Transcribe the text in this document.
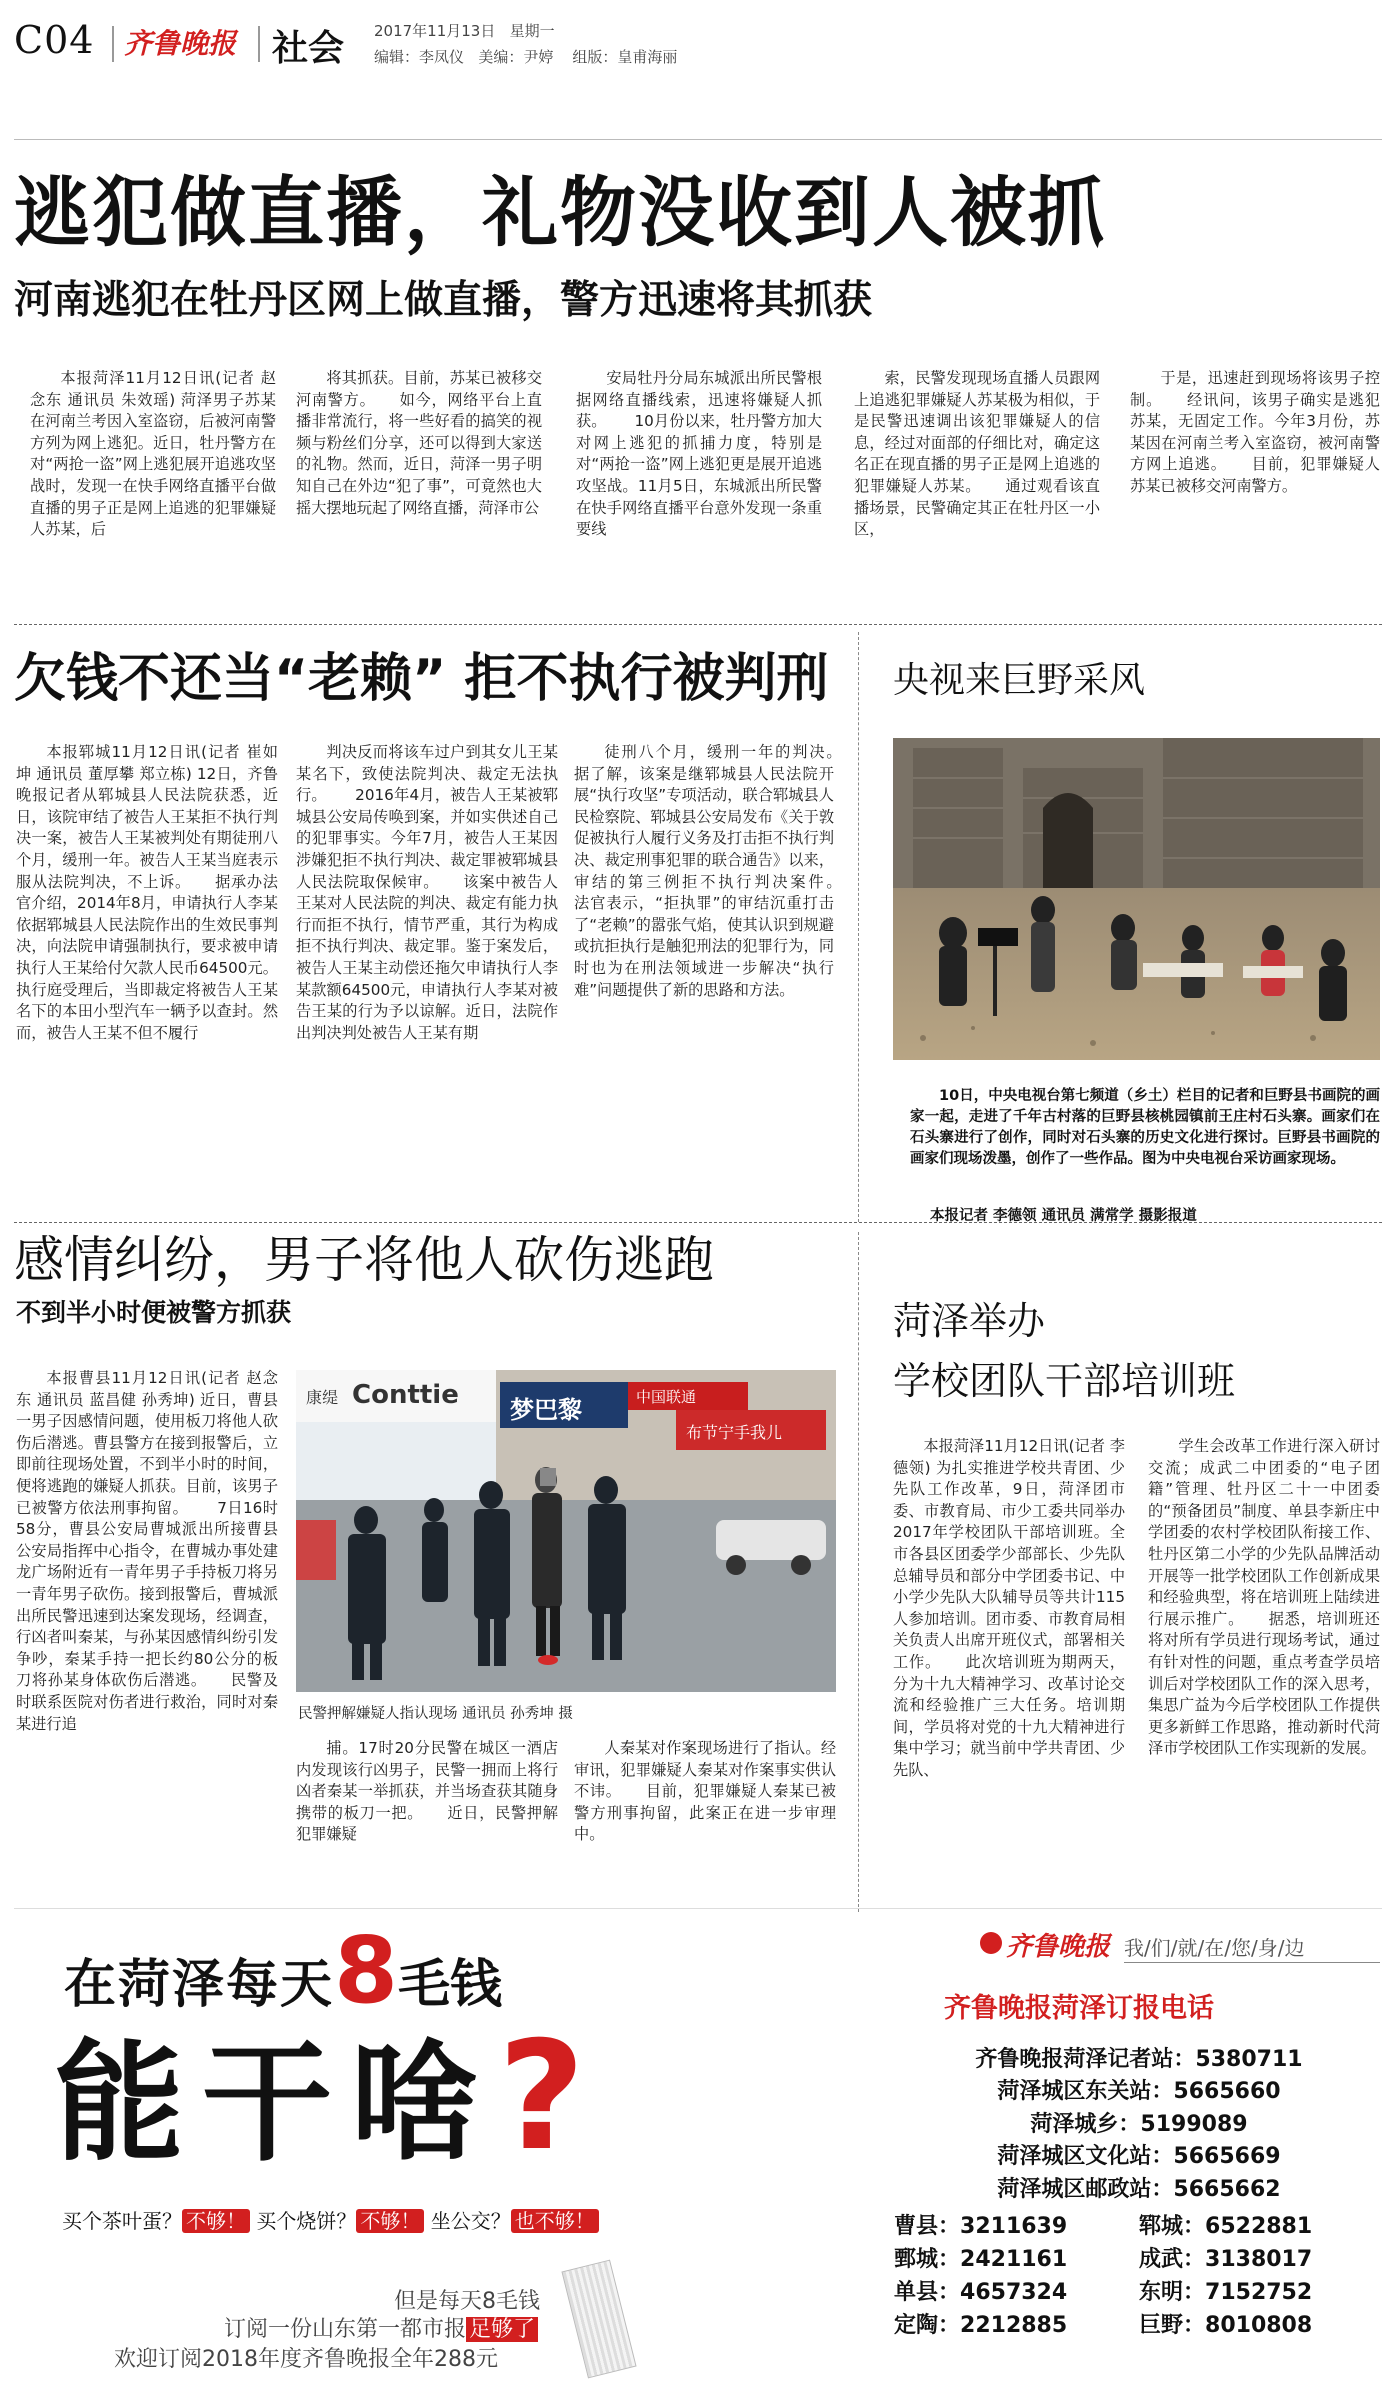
C04 齐鲁晚报 社会 2017年11月13日 星期一
编辑：李凤仪 美编：尹婷 组版：皇甫海丽
逃犯做直播，礼物没收到人被抓
河南逃犯在牡丹区网上做直播，警方迅速将其抓获
本报菏泽11月12日讯(记者 赵念东 通讯员 朱效瑶) 菏泽男子苏某在河南兰考因入室盗窃，后被河南警方列为网上逃犯。近日，牡丹警方在对“两抢一盗”网上逃犯展开追逃攻坚战时，发现一在快手网络直播平台做直播的男子正是网上追逃的犯罪嫌疑人苏某，后
将其抓获。目前，苏某已被移交河南警方。　　如今，网络平台上直播非常流行，将一些好看的搞笑的视频与粉丝们分享，还可以得到大家送的礼物。然而，近日，菏泽一男子明知自己在外边“犯了事”，可竟然也大摇大摆地玩起了网络直播，菏泽市公
安局牡丹分局东城派出所民警根据网络直播线索，迅速将嫌疑人抓获。　　 10月份以来，牡丹警方加大对网上逃犯的抓捕力度，特别是对“两抢一盗”网上逃犯更是展开追逃攻坚战。11月5日，东城派出所民警在快手网络直播平台意外发现一条重要线
索，民警发现现场直播人员跟网上追逃犯罪嫌疑人苏某极为相似，于是民警迅速调出该犯罪嫌疑人的信息，经过对面部的仔细比对，确定这名正在现直播的男子正是网上追逃的犯罪嫌疑人苏某。　　通过观看该直播场景，民警确定其正在牡丹区一小区，
于是，迅速赶到现场将该男子控制。　　经讯问，该男子确实是逃犯苏某，无固定工作。今年3月份，苏某因在河南兰考入室盗窃，被河南警方网上追逃。　　目前，犯罪嫌疑人苏某已被移交河南警方。
欠钱不还当“老赖” 拒不执行被判刑
本报郓城11月12日讯(记者 崔如坤 通讯员 董厚攀 郑立栋) 12日，齐鲁晚报记者从郓城县人民法院获悉，近日，该院审结了被告人王某拒不执行判决一案，被告人王某被判处有期徒刑八个月，缓刑一年。被告人王某当庭表示服从法院判决，不上诉。　　据承办法官介绍，2014年8月，申请执行人李某依据郓城县人民法院作出的生效民事判决，向法院申请强制执行，要求被申请执行人王某给付欠款人民币64500元。执行庭受理后，当即裁定将被告人王某名下的本田小型汽车一辆予以查封。然而，被告人王某不但不履行
判决反而将该车过户到其女儿王某某名下，致使法院判决、裁定无法执行。　　 2016年4月，被告人王某被郓城县公安局传唤到案，并如实供述自己的犯罪事实。今年7月，被告人王某因涉嫌犯拒不执行判决、裁定罪被郓城县人民法院取保候审。　　该案中被告人王某对人民法院的判决、裁定有能力执行而拒不执行，情节严重，其行为构成拒不执行判决、裁定罪。鉴于案发后，被告人王某主动偿还拖欠申请执行人李某款额64500元，申请执行人李某对被告王某的行为予以谅解。近日，法院作出判决判处被告人王某有期
徒刑八个月，缓刑一年的判决。　　据了解，该案是继郓城县人民法院开展“执行攻坚”专项活动，联合郓城县人民检察院、郓城县公安局发布《关于敦促被执行人履行义务及打击拒不执行判决、裁定刑事犯罪的联合通告》以来，审结的第三例拒不执行判决案件。　　法官表示，“拒执罪”的审结沉重打击了“老赖”的嚣张气焰，使其认识到规避或抗拒执行是触犯刑法的犯罪行为，同时也为在刑法领域进一步解决“执行难”问题提供了新的思路和方法。
央视来巨野采风
10日，中央电视台第七频道（乡土）栏目的记者和巨野县书画院的画家一起，走进了千年古村落的巨野县核桃园镇前王庄村石头寨。画家们在石头寨进行了创作，同时对石头寨的历史文化进行探讨。巨野县书画院的画家们现场泼墨，创作了一些作品。图为中央电视台采访画家现场。
本报记者 李德领 通讯员 满常学 摄影报道
感情纠纷，男子将他人砍伤逃跑
不到半小时便被警方抓获
本报曹县11月12日讯(记者 赵念东 通讯员 蓝昌健 孙秀坤) 近日，曹县一男子因感情问题，使用板刀将他人砍伤后潜逃。曹县警方在接到报警后，立即前往现场处置，不到半小时的时间，便将逃跑的嫌疑人抓获。目前，该男子已被警方依法刑事拘留。　　 7日16时58分，曹县公安局曹城派出所接曹县公安局指挥中心指令，在曹城办事处建龙广场附近有一青年男子手持板刀将另一青年男子砍伤。接到报警后，曹城派出所民警迅速到达案发现场，经调查，行凶者叫秦某，与孙某因感情纠纷引发争吵，秦某手持一把长约80公分的板刀将孙某身体砍伤后潜逃。　　民警及时联系医院对伤者进行救治，同时对秦某进行追
康缇 Conttie 梦巴黎	中国联通
布节宁手我儿
民警押解嫌疑人指认现场 通讯员 孙秀坤 摄
捕。17时20分民警在城区一酒店内发现该行凶男子，民警一拥而上将行凶者秦某一举抓获，并当场查获其随身携带的板刀一把。　　近日，民警押解犯罪嫌疑
人秦某对作案现场进行了指认。经审讯，犯罪嫌疑人秦某对作案事实供认不讳。　　目前，犯罪嫌疑人秦某已被警方刑事拘留，此案正在进一步审理中。
菏泽举办
学校团队干部培训班
本报菏泽11月12日讯(记者 李德领) 为扎实推进学校共青团、少先队工作改革，9日，菏泽团市委、市教育局、市少工委共同举办2017年学校团队干部培训班。全市各县区团委学少部部长、少先队总辅导员和部分中学团委书记、中小学少先队大队辅导员等共计115人参加培训。团市委、市教育局相关负责人出席开班仪式，部署相关工作。　　此次培训班为期两天，分为十九大精神学习、改革讨论交流和经验推广三大任务。培训期间，学员将对党的十九大精神进行集中学习；就当前中学共青团、少先队、
学生会改革工作进行深入研讨交流；成武二中团委的“电子团籍”管理、牡丹区二十一中团委的“预备团员”制度、单县李新庄中学团委的农村学校团队衔接工作、牡丹区第二小学的少先队品牌活动开展等一批学校团队工作创新成果和经验典型，将在培训班上陆续进行展示推广。　　据悉，培训班还将对所有学员进行现场考试，通过有针对性的问题，重点考查学员培训后对学校团队工作的深入思考，集思广益为今后学校团队工作提供更多新鲜工作思路，推动新时代菏泽市学校团队工作实现新的发展。
在菏泽每天8毛钱
能干啥?
买个茶叶蛋？ 不够！ 买个烧饼？ 不够！ 坐公交？ 也不够！
但是每天8毛钱
订阅一份山东第一都市报 足够了
欢迎订阅2018年度齐鲁晚报全年288元
齐鲁晚报 我/们/就/在/您/身/边
齐鲁晚报菏泽订报电话
齐鲁晚报菏泽记者站：5380711
菏泽城区东关站：5665660
菏泽城乡：5199089
菏泽城区文化站：5665669
菏泽城区邮政站：5665662
曹县：3211639	郓城：6522881
鄄城：2421161	成武：3138017
单县：4657324	东明：7152752
定陶：2212885	巨野：8010808
